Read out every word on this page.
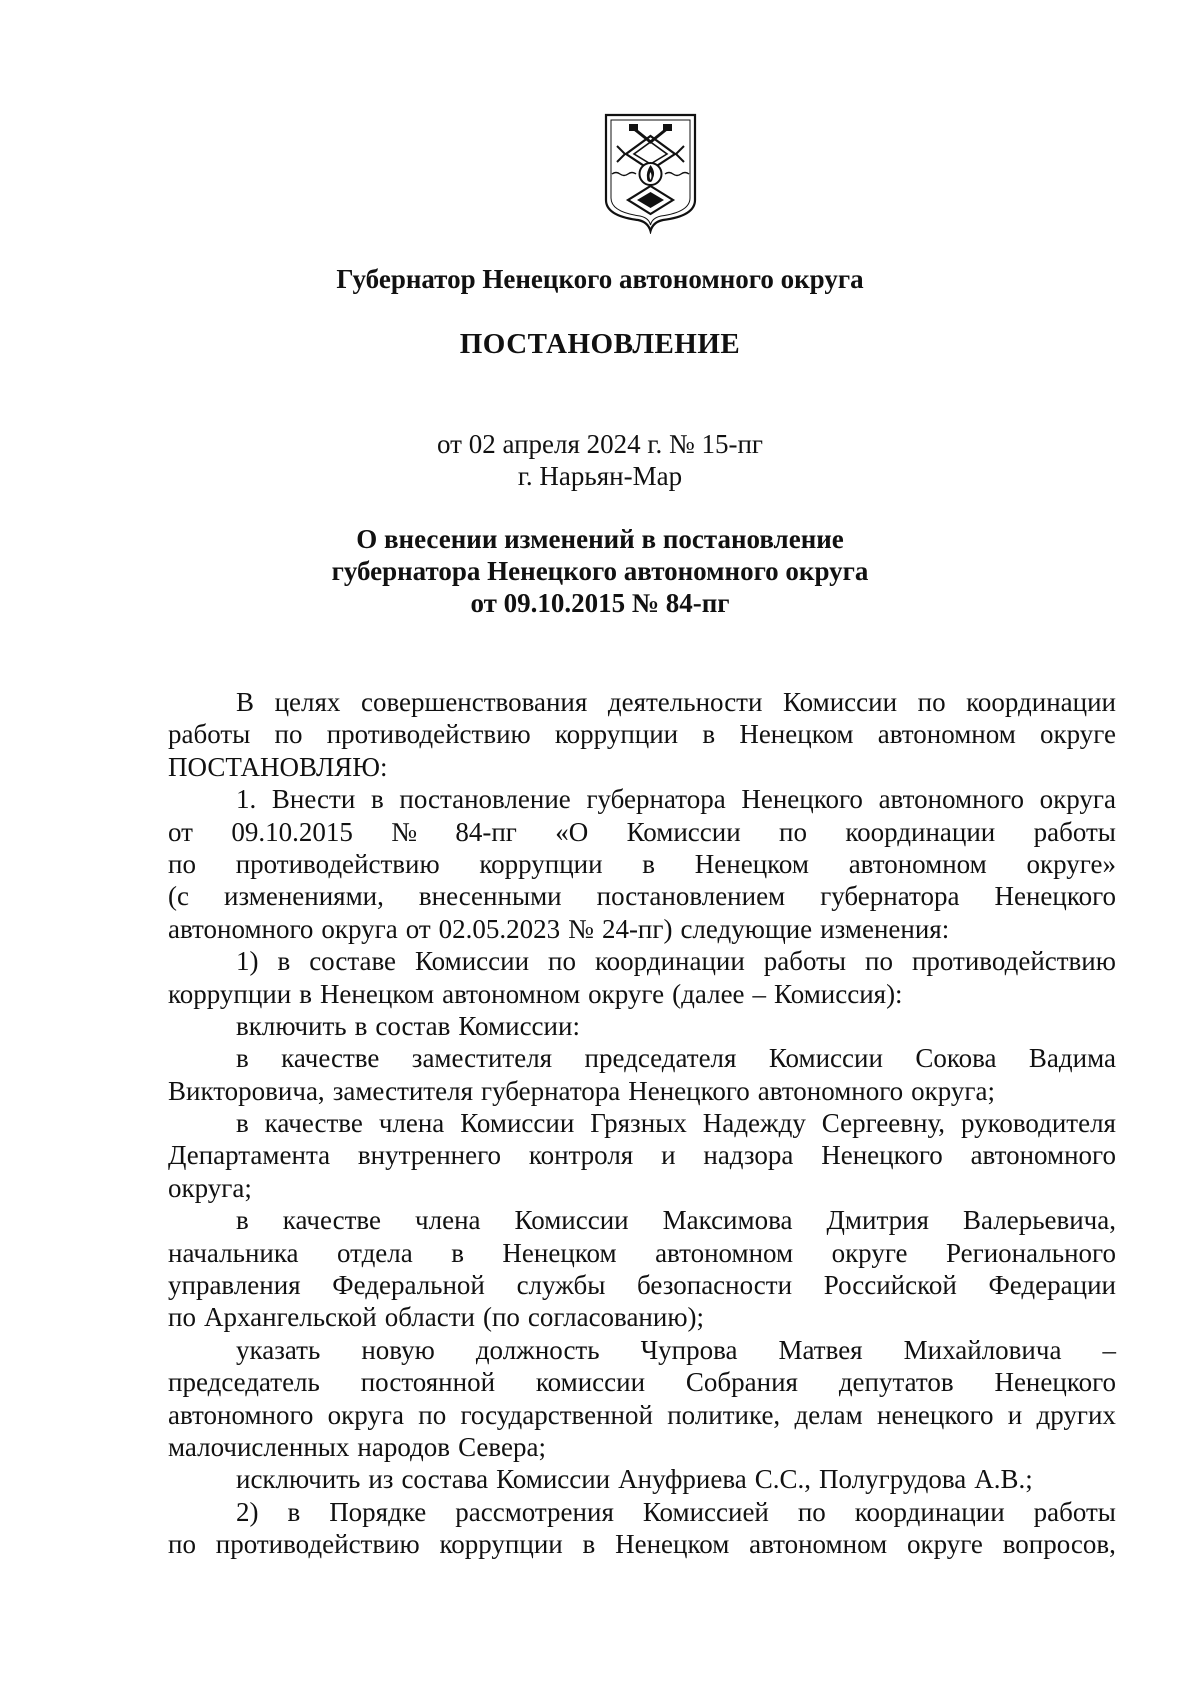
Губернатор Ненецкого автономного округа
ПОСТАНОВЛЕНИЕ
от 02 апреля 2024 г. № 15-пг
г. Нарьян-Мар
О внесении изменений в постановление
губернатора Ненецкого автономного округа
от 09.10.2015 № 84-пг
В целях совершенствования деятельности Комиссии по координации
работы по противодействию коррупции в Ненецком автономном округе
ПОСТАНОВЛЯЮ:
1. Внести в постановление губернатора Ненецкого автономного округа
от 09.10.2015 № 84-пг «О Комиссии по координации работы
по противодействию коррупции в Ненецком автономном округе»
(с изменениями, внесенными постановлением губернатора Ненецкого
автономного округа от 02.05.2023 № 24-пг) следующие изменения:
1) в составе Комиссии по координации работы по противодействию
коррупции в Ненецком автономном округе (далее – Комиссия):
включить в состав Комиссии:
в качестве заместителя председателя Комиссии Сокова Вадима
Викторовича, заместителя губернатора Ненецкого автономного округа;
в качестве члена Комиссии Грязных Надежду Сергеевну, руководителя
Департамента внутреннего контроля и надзора Ненецкого автономного
округа;
в качестве члена Комиссии Максимова Дмитрия Валерьевича,
начальника отдела в Ненецком автономном округе Регионального
управления Федеральной службы безопасности Российской Федерации
по Архангельской области (по согласованию);
указать новую должность Чупрова Матвея Михайловича –
председатель постоянной комиссии Собрания депутатов Ненецкого
автономного округа по государственной политике, делам ненецкого и других
малочисленных народов Севера;
исключить из состава Комиссии Ануфриева С.С., Полугрудова А.В.;
2) в Порядке рассмотрения Комиссией по координации работы
по противодействию коррупции в Ненецком автономном округе вопросов,
